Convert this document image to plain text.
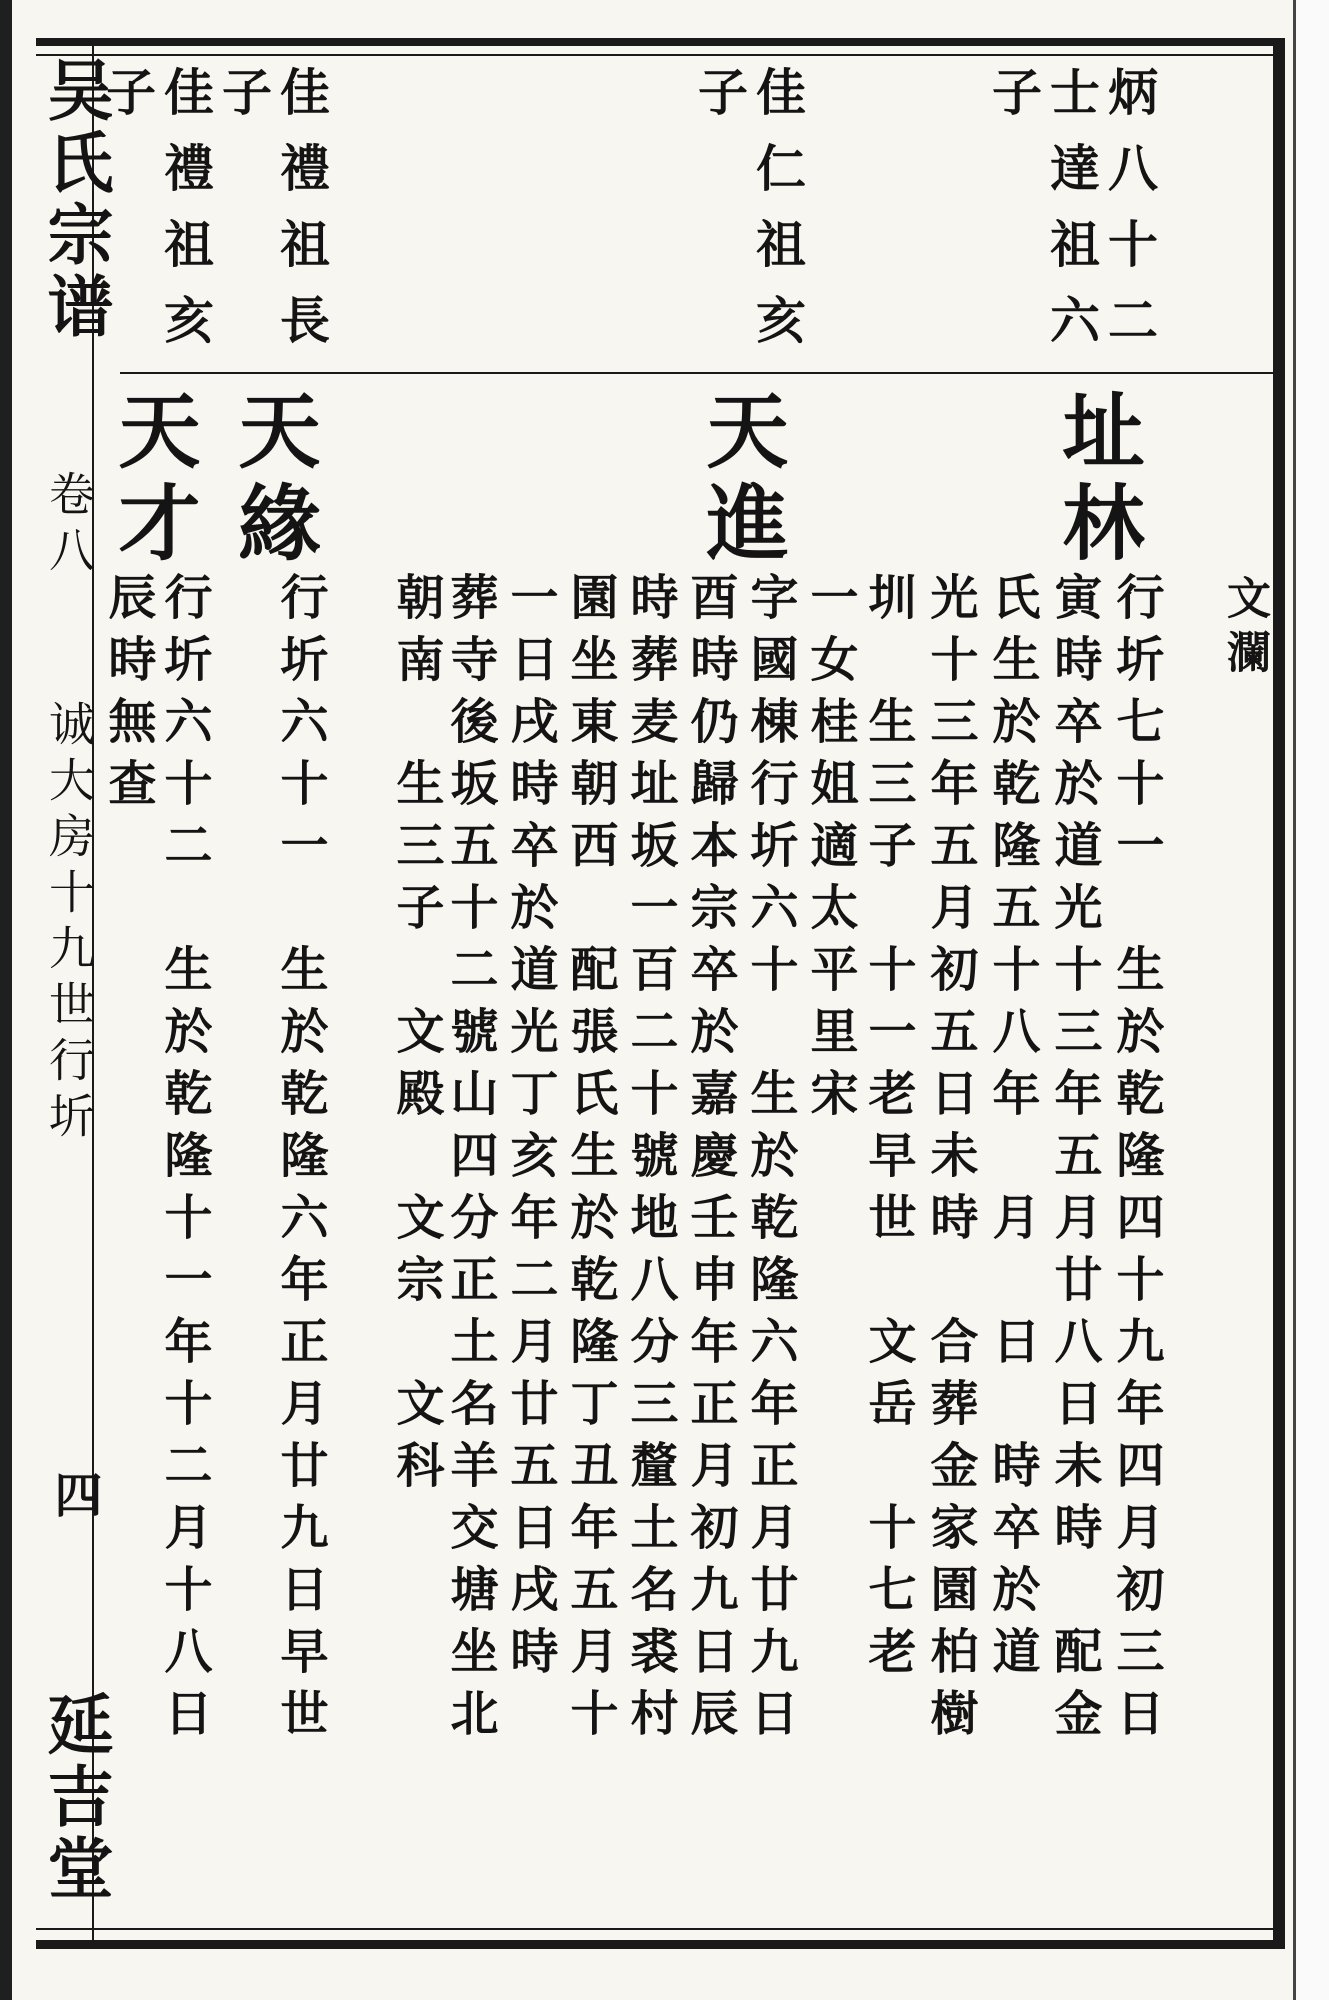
吴氏宗谱
卷八
诚大房十九世行圻
四
延吉堂
炳八十二
士達祖六
子
佳仁祖亥
子
佳禮祖長
子
佳禮祖亥
子
文瀾
址林
行圻七十一　生於乾隆四十九年四月初三日
寅時卒於道光十三年五月廿八日未時　配金
氏生於乾隆五十八年　月　日　時卒於道
光十三年五月初五日未時　合葬金家園柏樹
圳　生三子　十一老早世　文岳　十七老
天進
一女桂姐適太平里宋
字國棟行圻六十　生於乾隆六年正月廿九日
酉時仍歸本宗卒於嘉慶壬申年正月初九日辰
時葬麦址坂一百二十號地八分三釐土名裘村
園坐東朝西　配張氏生於乾隆丁丑年五月十
一日戌時卒於道光丁亥年二月廿五日戌時
葬寺後坂五十二號山四分正土名羊交塘坐北
朝南　生三子　文殿　文宗　文科
天緣
行圻六十一　生於乾隆六年正月廿九日早世
天才
行圻六十二　生於乾隆十一年十二月十八日
辰時無查
